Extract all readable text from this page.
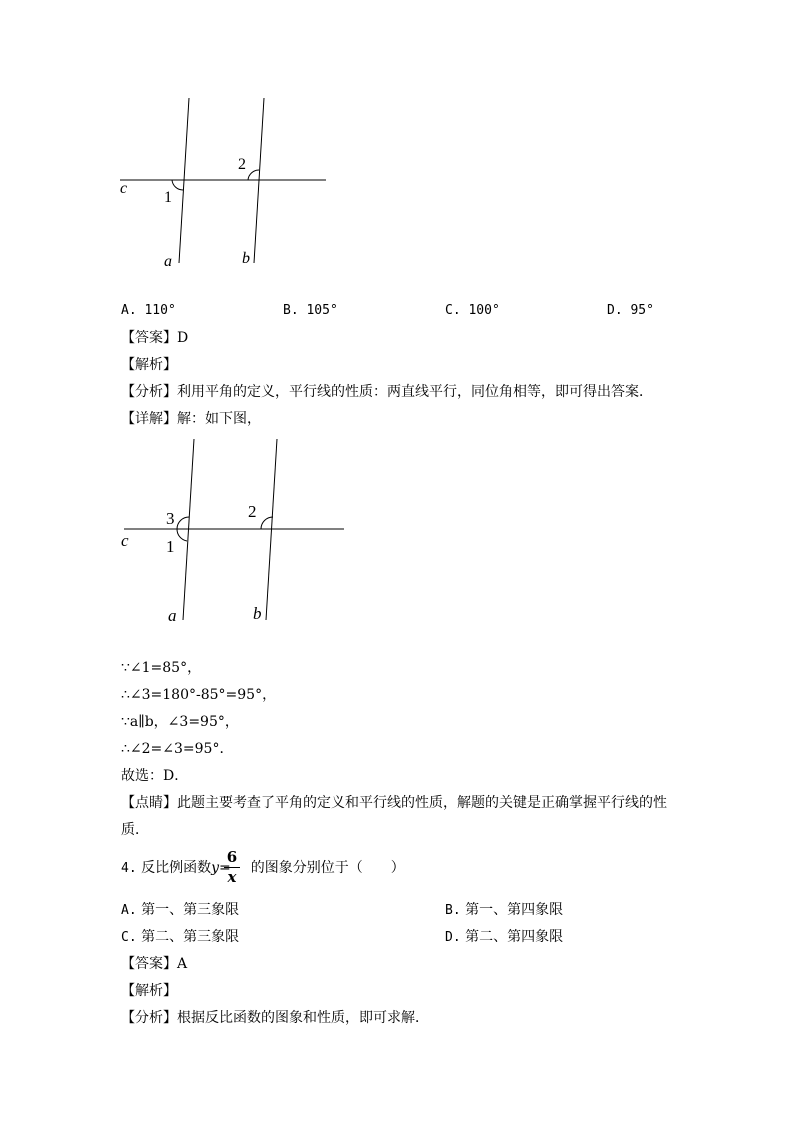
c
1
2
a	b
A. 110°	B. 105°	C. 100°	D. 95°
【答案】D
【解析】
【分析】利用平角的定义，平行线的性质：两直线平行，同位角相等，即可得出答案．
【详解】解：如下图，
c
3
1
2
a	b
∵∠1=85°，
∴∠3=180°-85°=95°，
∵a∥b，∠3=95°，
∴∠2=∠3=95°．
故选：D．
【点睛】此题主要考查了平角的定义和平行线的性质，解题的关键是正确掌握平行线的性
质．
4. 反比例函数y= 的图象分别位于（　　）
6
x
A. 第一、第三象限	B. 第一、第四象限
C. 第二、第三象限	D. 第二、第四象限
【答案】A
【解析】
【分析】根据反比函数的图象和性质，即可求解．
